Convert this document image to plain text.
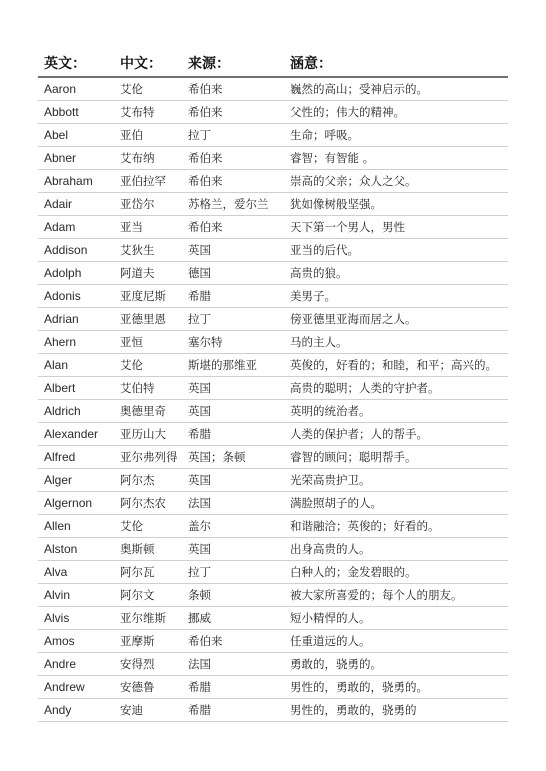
英文：	中文：	来源：	涵意：
Aaron	艾伦	希伯来	巍然的高山；受神启示的。
Abbott	艾布特	希伯来	父性的；伟大的精神。
Abel	亚伯	拉丁	生命；呼吸。
Abner	艾布纳	希伯来	睿智；有智能 。
Abraham	亚伯拉罕	希伯来	崇高的父亲；众人之父。
Adair	亚岱尔	苏格兰，爱尔兰	犹如像树般坚强。
Adam	亚当	希伯来	天下第一个男人，男性
Addison	艾狄生	英国	亚当的后代。
Adolph	阿道夫	德国	高贵的狼。
Adonis	亚度尼斯	希腊	美男子。
Adrian	亚德里恩	拉丁	傍亚德里亚海而居之人。
Ahern	亚恒	塞尔特	马的主人。
Alan	艾伦	斯堪的那维亚	英俊的，好看的；和睦，和平；高兴的。
Albert	艾伯特	英国	高贵的聪明；人类的守护者。
Aldrich	奥德里奇	英国	英明的统治者。
Alexander	亚历山大	希腊	人类的保护者；人的帮手。
Alfred	亚尔弗列得	英国；条顿	睿智的顾问；聪明帮手。
Alger	阿尔杰	英国	光荣高贵护卫。
Algernon	阿尔杰农	法国	满脸照胡子的人。
Allen	艾伦	盖尔	和谐融洽；英俊的；好看的。
Alston	奥斯顿	英国	出身高贵的人。
Alva	阿尔瓦	拉丁	白种人的；金发碧眼的。
Alvin	阿尔文	条顿	被大家所喜爱的；每个人的朋友。
Alvis	亚尔维斯	挪威	短小精悍的人。
Amos	亚摩斯	希伯来	任重道远的人。
Andre	安得烈	法国	勇敢的，骁勇的。
Andrew	安德鲁	希腊	男性的，勇敢的，骁勇的。
Andy	安迪	希腊	男性的，勇敢的，骁勇的
